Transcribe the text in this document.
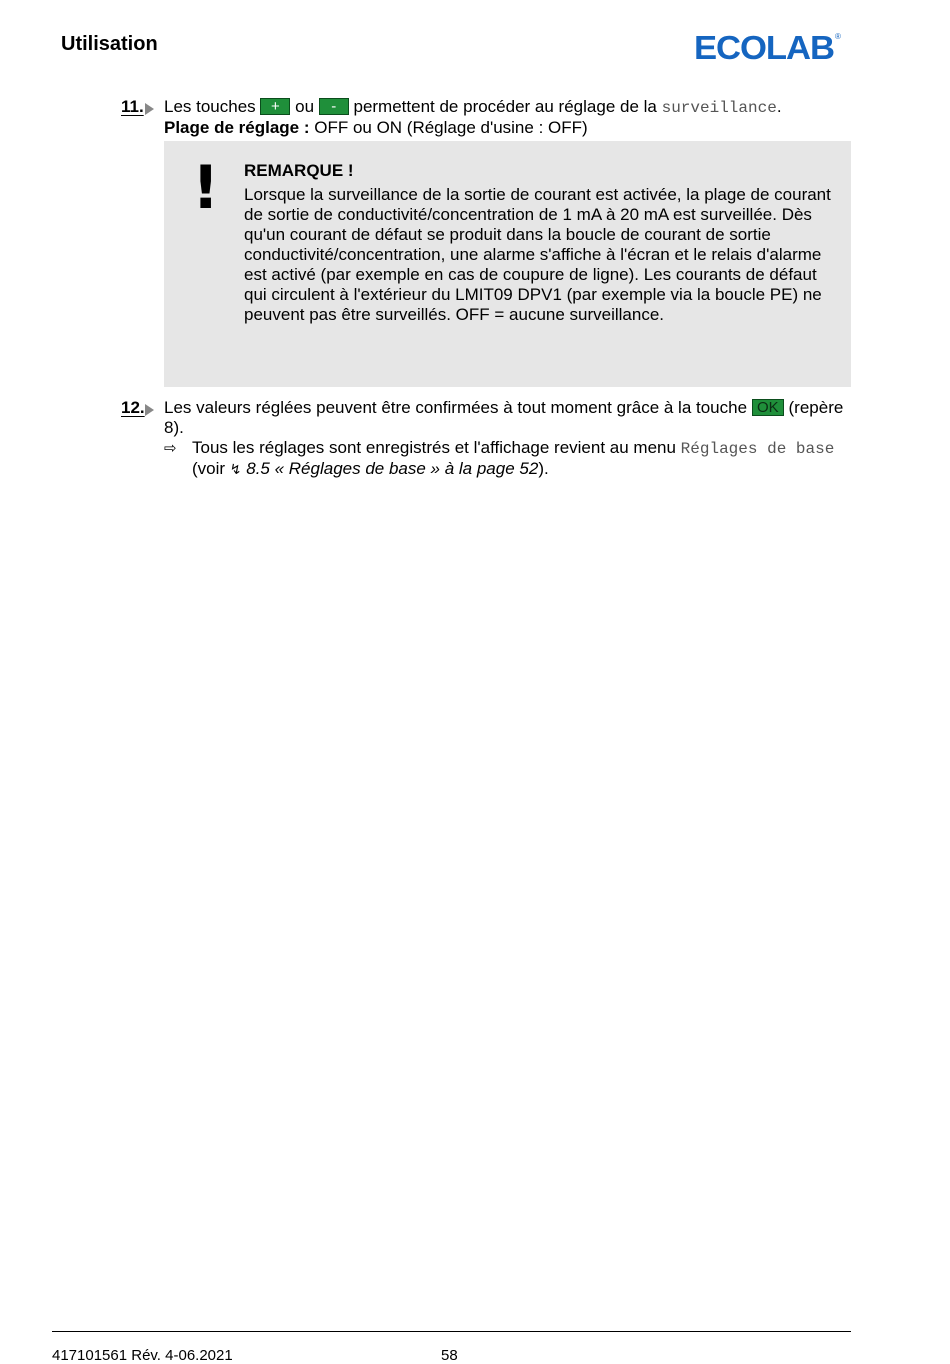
Utilisation	ECOLAB ®
11. Les touches + ou - permettent de procéder au réglage de la surveillance.
Plage de réglage : OFF ou ON (Réglage d'usine : OFF)
! REMARQUE !
Lorsque la surveillance de la sortie de courant est activée, la plage de courant de sortie de conductivité/concentration de 1 mA à 20 mA est surveillée. Dès qu'un courant de défaut se produit dans la boucle de courant de sortie conductivité/concentration, une alarme s'affiche à l'écran et le relais d'alarme est activé (par exemple en cas de coupure de ligne). Les courants de défaut qui circulent à l'extérieur du LMIT09 DPV1 (par exemple via la boucle PE) ne peuvent pas être surveillés. OFF = aucune surveillance.
12. Les valeurs réglées peuvent être confirmées à tout moment grâce à la touche OK (repère 8).
⇨ Tous les réglages sont enregistrés et l'affichage revient au menu Réglages de base (voir ↯ 8.5 « Réglages de base » à la page 52).
417101561 Rév. 4-06.2021	58
